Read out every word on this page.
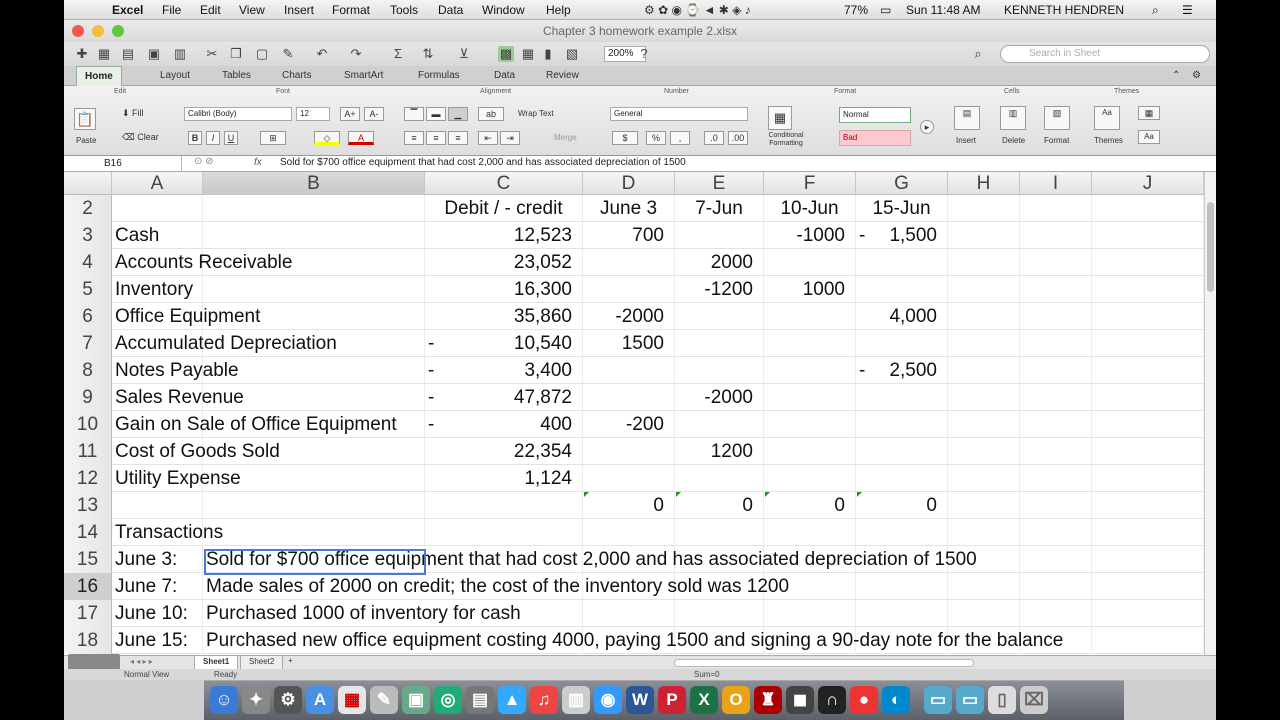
Excel File Edit View Insert Format Tools Data Window Help	⚙ ✿ ◉ ⌚ ◄ ✱ ◈ ♪	77% ▭ Sun 11:48 AM KENNETH HENDREN ⌕ ☰
Chapter 3 homework example 2.xlsx
✚ ▦ ▤ ▣ ▥ ✂ ❐ ▢ ✎ ↶ ↷	Σ	⇅ ⊻ ▩ ▦ ▮	▧	200% ?	⌕	Search in Sheet
Home	Layout	Tables	Charts	SmartArt	Formulas	Data	Review	⌃ ⚙
Edit	Font	Alignment	Number	Format	Cells	Themes
📋
Paste
⬇ Fill
⌫ Clear
Calibri (Body)	12	A+	A-
B	I	U	⊞	◇	A
▔	▬	▁	ab	Wrap Text
≡	≡	≡	⇤	⇥	Merge
General
$	%	,	.0	.00
▦
Conditional Formatting
Normal
Bad
▸
▤
Insert
▥
Delete
▧
Format
Aa
Themes
▦
Aa
B16	⊙ ⊘	fx Sold for $700 office equipment that had cost 2,000 and has associated depreciation of 1500
A	B	C	D	E	F	G	H	I	J
2	Debit / - credit	June 3	7-Jun	10-Jun	15-Jun
3	Cash	12,523	700	-1000	1,500
-
4	Accounts Receivable	23,052	2000
5	Inventory	16,300	-1200	1000
6	Office Equipment	35,860	-2000	4,000
7	Accumulated Depreciation	10,540	1500
-
8	Notes Payable	3,400	2,500
-	-
9	Sales Revenue	47,872	-2000
-
10 Gain on Sale of Office Equipment	400	-200
-
11 Cost of Goods Sold	22,354	1200
12 Utility Expense	1,124
13	0	0	0	0
14 Transactions
15 June 3:	Sold for $700 office equipment that had cost 2,000 and has associated depreciation of 1500
16 June 7:	Made sales of 2000 on credit; the cost of the inventory sold was 1200
17 June 10: Purchased 1000 of inventory for cash
18 June 15: Purchased new office equipment costing 4000, paying 1500 and signing a 90-day note for the balance
◂ ◂ ▸ ▸	Sheet1	Sheet2	+
Normal View	Ready	Sum=0
☺ ✦	⚙	A	▦ ✎ ▣ ◎ ▤ ▲	♫	▥ ◉ W	P	X	O	♜	◼	∩	●	◐	▭ ▭	▯	⌧
